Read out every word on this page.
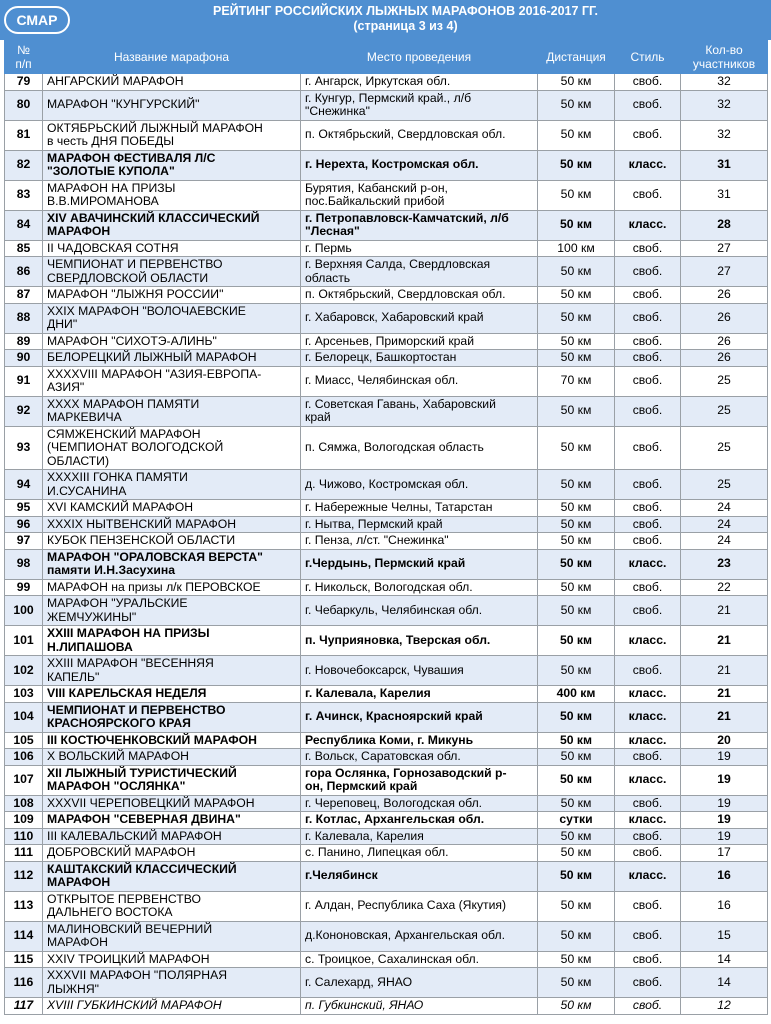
СМАР
РЕЙТИНГ РОССИЙСКИХ ЛЫЖНЫХ МАРАФОНОВ 2016-2017 ГГ.
(страница 3 из 4)
№
п/п	Название марафона	Место проведения	Дистанция	Стиль	Кол-во
участников
79	АНГАРСКИЙ МАРАФОН	г. Ангарск, Иркутская обл.	50 км	своб.	32
80	МАРАФОН "КУНГУРСКИЙ"	г. Кунгур, Пермский край., л/б
"Снежинка"	50 км	своб.	32
81	ОКТЯБРЬСКИЙ ЛЫЖНЫЙ МАРАФОН
в честь ДНЯ ПОБЕДЫ	п. Октябрьский, Свердловская обл.	50 км	своб.	32
82	МАРАФОН ФЕСТИВАЛЯ Л/С
"ЗОЛОТЫЕ КУПОЛА"	г. Нерехта, Костромская обл.	50 км	класс.	31
83	МАРАФОН НА ПРИЗЫ
В.В.МИРОМАНОВА	Бурятия, Кабанский р-он,
пос.Байкальский прибой	50 км	своб.	31
84	XIV АВАЧИНСКИЙ КЛАССИЧЕСКИЙ
МАРАФОН	г. Петропавловск-Камчатский, л/б
"Лесная"	50 км	класс.	28
85	II ЧАДОВСКАЯ СОТНЯ	г. Пермь	100 км	своб.	27
86	ЧЕМПИОНАТ И ПЕРВЕНСТВО
СВЕРДЛОВСКОЙ ОБЛАСТИ	г. Верхняя Салда, Свердловская
область	50 км	своб.	27
87	МАРАФОН "ЛЫЖНЯ РОССИИ"	п. Октябрьский, Свердловская обл.	50 км	своб.	26
88	XXIX МАРАФОН "ВОЛОЧАЕВСКИЕ
ДНИ"	г. Хабаровск, Хабаровский край	50 км	своб.	26
89	МАРАФОН "СИХОТЭ-АЛИНЬ"	г. Арсеньев, Приморский край	50 км	своб.	26
90	БЕЛОРЕЦКИЙ ЛЫЖНЫЙ МАРАФОН	г. Белорецк, Башкортостан	50 км	своб.	26
91	XXXXVIII МАРАФОН "АЗИЯ-ЕВРОПА-
АЗИЯ"	г. Миасс, Челябинская обл.	70 км	своб.	25
92	XXXX МАРАФОН ПАМЯТИ
МАРКЕВИЧА	г. Советская Гавань, Хабаровский
край	50 км	своб.	25
93	СЯМЖЕНСКИЙ МАРАФОН
(ЧЕМПИОНАТ ВОЛОГОДСКОЙ
ОБЛАСТИ)	п. Сямжа, Вологодская область	50 км	своб.	25
94	XXXXIII ГОНКА ПАМЯТИ
И.СУСАНИНА	д. Чижово, Костромская обл.	50 км	своб.	25
95	XVI КАМСКИЙ МАРАФОН	г. Набережные Челны, Татарстан	50 км	своб.	24
96	XXXIX НЫТВЕНСКИЙ МАРАФОН	г. Нытва, Пермский край	50 км	своб.	24
97	КУБОК ПЕНЗЕНСКОЙ ОБЛАСТИ	г. Пенза, л/ст. "Снежинка"	50 км	своб.	24
98	МАРАФОН "ОРАЛОВСКАЯ ВЕРСТА"
памяти И.Н.Засухина	г.Чердынь, Пермский край	50 км	класс.	23
99	МАРАФОН на призы л/к ПЕРОВСКОЕ	г. Никольск, Вологодская обл.	50 км	своб.	22
100	МАРАФОН "УРАЛЬСКИЕ
ЖЕМЧУЖИНЫ"	г. Чебаркуль, Челябинская обл.	50 км	своб.	21
101	XXIII МАРАФОН НА ПРИЗЫ
Н.ЛИПАШОВА	п. Чуприяновка, Тверская обл.	50 км	класс.	21
102	XXIII МАРАФОН "ВЕСЕННЯЯ
КАПЕЛЬ"	г. Новочебоксарск, Чувашия	50 км	своб.	21
103	VIII КАРЕЛЬСКАЯ НЕДЕЛЯ	г. Калевала, Карелия	400 км	класс.	21
104	ЧЕМПИОНАТ И ПЕРВЕНСТВО
КРАСНОЯРСКОГО КРАЯ	г. Ачинск, Красноярский край	50 км	класс.	21
105	III КОСТЮЧЕНКОВСКИЙ МАРАФОН	Республика Коми, г. Микунь	50 км	класс.	20
106	X ВОЛЬСКИЙ МАРАФОН	г. Вольск, Саратовская обл.	50 км	своб.	19
107	XII ЛЫЖНЫЙ ТУРИСТИЧЕСКИЙ
МАРАФОН "ОСЛЯНКА"	гора Ослянка, Горнозаводский р-
он, Пермский край	50 км	класс.	19
108	XXXVII ЧЕРЕПОВЕЦКИЙ МАРАФОН	г. Череповец, Вологодская обл.	50 км	своб.	19
109	МАРАФОН "СЕВЕРНАЯ ДВИНА"	г. Котлас, Архангельская обл.	сутки	класс.	19
110	III КАЛЕВАЛЬСКИЙ МАРАФОН	г. Калевала, Карелия	50 км	своб.	19
111	ДОБРОВСКИЙ МАРАФОН	с. Панино, Липецкая обл.	50 км	своб.	17
112	КАШТАКСКИЙ КЛАССИЧЕСКИЙ
МАРАФОН	г.Челябинск	50 км	класс.	16
113	ОТКРЫТОЕ ПЕРВЕНСТВО
ДАЛЬНЕГО ВОСТОКА	г. Алдан, Республика Саха (Якутия)	50 км	своб.	16
114	МАЛИНОВСКИЙ ВЕЧЕРНИЙ
МАРАФОН	д.Кононовская, Архангельская обл.	50 км	своб.	15
115	XXIV ТРОИЦКИЙ МАРАФОН	с. Троицкое, Сахалинская обл.	50 км	своб.	14
116	XXXVII МАРАФОН "ПОЛЯРНАЯ
ЛЫЖНЯ"	г. Салехард, ЯНАО	50 км	своб.	14
117	XVIII ГУБКИНСКИЙ МАРАФОН	п. Губкинский, ЯНАО	50 км	своб.	12
